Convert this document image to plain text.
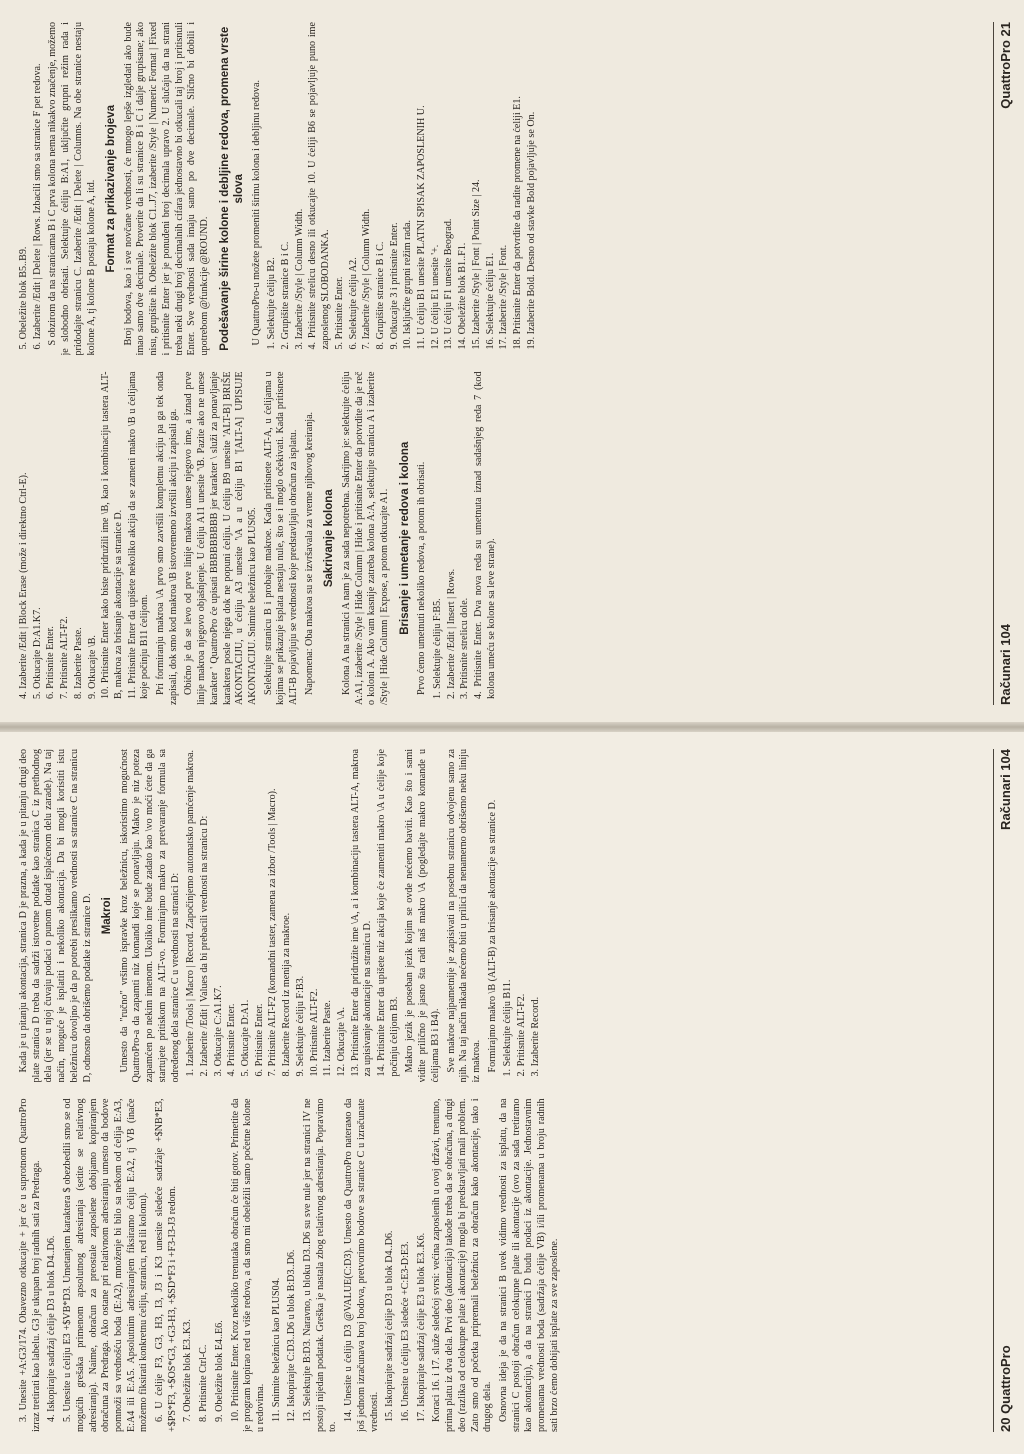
3. Unesite +A:G3/174. Obavezno otkucajte + jer će u suprotnom QuattroPro izraz tretirati kao labelu. G3 je ukupan broj radnih sati za Predraga. 4. Iskopirajte sadržaj ćelije D3 u blok D4..D6. 5. Unesite u ćeliju E3 +$VB*D3. Umetanjem karaktera $ obezbedili smo se od mogućih grešaka primenom apsolutnog adresiranja (setite se relativnog adresiranja). Naime, obračun za preostale zaposlene dobijamo kopiranjem obračuna za Predraga. Ako ostane pri relativnom adresiranju umesto da bodove pomnoži sa vrednošću boda (E:A2), množenje bi bilo sa nekom od ćelija E:A3, E:A4 ili E:A5. Apsolutnim adresiranjem fiksiramo ćeliju E:A2, tj VB (inače možemo fiksirati konkretnu ćeliju, stranicu, red ili kolonu). 6. U ćelije F3, G3, H3, I3, J3 i K3 unesite sledeće sadržaje +$NB*E3, +$PS*F3, +$OS*G3, +G3-H3, +$SD*F3 i +F3-I3-J3 redom. 7. Obeležite blok E3..K3. 8. Pritisnite Ctrl-C. 9. Obeležite blok E4..E6. 10. Pritisnite Enter. Kroz nekoliko trenutaka obračun će biti gotov. Primetite da je program kopirao red u više redova, a da smo mi obeležili samo početne kolone u redovima. 11. Snimite beležnicu kao PLUS04. 12. Iskopirajte C:D3..D6 u blok B:D3..D6. 13. Selektujte B:D3. Naravno, u bloku D3..D6 su sve nule jer na stranici IV ne postoji nijedan podatak. Greška je nastala zbog relativnog adresiranja. Popravimo to.

14. Unesite u ćeliju D3 @VALUE(C:D3). Umesto da QuattroPro naterамо da još jednom izračunava broj bodova, pretvorimo bodove sa stranice C u izračunate vrednosti. 15. Iskopirajte sadržaj ćelije D3 u blok D4..D6. 16. Unesite u ćeliju E3 sledeće +C:E3-D:E3. 17. Iskopirajte sadržaj ćelije E3 u blok E3..K6. Koraci 16. i 17. služe sledećoj svrsi: većina zaposlenih u ovoj državi, trenutno, prima platu iz dva dela. Prvi deo (akontacija) takođe treba da se obračuna, a drugi deo (razlika od celokupne plate i akontacije) mogla bi predstavljati mali problem. Zato smo od početka pripremali beležnicu za obračun kako akontacije, tako i drugog dela. Osnovna ideja je da na stranici B uvek vidimo vrednosti za isplatu, da na stranici C postoji obračun celokupne plate ili akontacije (ovo za sada tretiramo kao akontaciju), a da na stranici D budu podaci iz akontacije. Jednostavnim promenama vrednosti boda (sadržaja ćelije VB) i/ili promenama u broju radnih sati brzo ćemo dobijati isplate za sve zaposlene.

Kada je u pitanju akontacija, stranica D je prazna, a kada je u pitanju drugi deo plate stranica D treba da sadrži istovetne podatke kao stranica C iz prethodnog dela (jer se u njoj čuvaju podaci o punom dotad isplaćenom delu zarade). Na taj način, moguće je isplatiti i nekoliko akontacija. Da bi mogli koristiti istu beležnicu dovoljno je da po potrebi preslikamo vrednosti sa stranice C na stranicu D, odnosno da obrišemo podatke iz stranice D. Makroi Umesto da "ručno" vršimo ispravke kroz beležnicu, iskoristimo mogućnost QuattroPro-a da zapamti niz komandi koje se ponavljaju. Makro je niz poteza zapamćen po nekim imenom. Ukoliko ime bude zadato kao \vo moći ćete da ga startujete pritiskom na ALT-vo. Formirajmo makro za pretvaranje formula sa određenog dela stranice C u vrednosti na stranici D: 1. Izaberite /Tools | Macro | Record. Započinjemo automatsko pamćenje makroa. 2. Izaberite /Edit | Values da bi prebacili vrednosti na stranicu D: 3. Otkucajte C:A1.K7. 4. Pritisnite Enter. 5. Otkucajte D:A1. 6. Pritisnite Enter. 7. Pritisnite ALT-F2 (komandni taster, zamena za izbor /Tools | Macro). 8. Izaberite Record iz menija za makroe. 9. Selektujte ćeliju F:B3. 10. Pritisnite ALT-F2. 11. Izaberite Paste. 12. Otkucajte \A. 13. Pritisnite Enter da pridružite ime \A, a i kombinaciju tastera ALT-A, makroa za upisivanje akontacije na stranicu D. 14. Pritisnite Enter da upišete niz akcija koje će zameniti makro \A u ćelije koje počinju ćelijom B3. Makro jezik je poseban jezik kojim se ovde nećemo baviti. Kao što i sami vidite prilično je jasno šta radi naš makro \A (pogledajte makro komande u ćelijama B3 i B4). Sve makroe najpametnije je zapisivati na posebnu stranicu odvojenu samo za njih. Na taj način nikada nećemo biti u prilici da nenamerno obrišemo neku liniju iz makroa. Formirajmo makro \B (ALT-B) za brisanje akontacije sa stranice D. 1. Selektujte ćeliju B11. 2. Pritisnite ALT-F2. 3. Izaberite Record.
20 QuattroPro
Računari 104
4. Izaberite /Edit | Block Erase (može i direktno Ctrl-E). 5. Otkucajte D:A1.K7. 6. Pritisnite Enter. 7. Pritisnite ALT-F2. 8. Izaberite Paste. 9. Otkucajte \B. 10. Pritisnite Enter kako biste pridružili ime \B, kao i kombinaciju tastera ALT-B, makroa za brisanje akontacije sa stranice D. 11. Pritisnite Enter da upišete nekoliko akcija da se zameni makro \B u ćelijama koje počinju B11 ćelijom. Pri formiranju makroa \A prvo smo završili kompletnu akciju pa ga tek onda zapisali, dok smo kod makroa \B istovremeno izvršili akciju i zapisali ga. Obično je da se levo od prve linije makroa unese njegovo ime, a iznad prve linije makroa njegovo objašnjenje. U ćeliju A11 unesite '\B. Pazite ako ne unese karakter ' QuattroPro će upisati BBBBBBBBB jer karakter \ služi za ponavljanje karaktera posle njega dok ne popuni ćeliju. U ćeliju B9 unesite 'ALT-B] BRIŠE AKONTACIJU, u ćeliju A3 unesite '\A a u ćeliju B1 '[ALT-A] UPISUJE AKONTACIJU. Snimite beležnicu kao PLUS05. Selektujte stranicu B i probajte makroe. Kada pritisnete ALT-A, u ćelijama u kojima se prikazuje isplata nestaju nule, što se i moglo očekivati. Kada pritisnete ALT-B pojavljuju se vrednosti koje predstavljaju obračun za isplatu. Napomena: Oba makroa su se izvršavala za vreme njihovog kreiranja. Sakrivanje kolona Kolona A na stranici A nam je za sada nepotrebna. Sakrijmo je: selektujte ćeliju A:A1, izaberite /Style | Hide Column | Hide i pritisnite Enter da potvrdite da je reč o koloni A. Ako vam kasnije zatreba kolona A:A, selektujte stranicu A i izaberite /Style | Hide Column | Expose, a potom otkucajte A1. Brisanje i umetanje redova i kolona Prvo ćemo umetnuti nekoliko redova, a potom ih obrisati. 1. Selektujte ćeliju F:B5. 2. Izaberite /Edit | Insert | Rows. 3. Pritisnite strelicu dole. 4. Pritisnite Enter. Dva nova reda su umetnuta iznad sadašnjeg reda 7 (kod kolona umeću se kolone sa leve strane).
5. Obeležite blok B5..B9. 6. Izaberite /Edit | Delete | Rows. Izbacili smo sa stranice F pet redova. S obzirom da na stranicama B i C prva kolona nema nikakvo značenje, možemo je slobodno obrisati. Selektujte ćeliju B:A1, uključite grupni režim rada i pridodajte stranicu C. Izaberite /Edit | Delete | Columns. Na obe stranice nestaju kolone A, tj kolone B postaju kolone A, itd. Format za prikazivanje brojeva Broj bodova, kao i sve novčane vrednosti, će mnogo lepše izgledati ako bude imao samo dve decimale. Proverite da li su stranice B i C i dalje grupisane; ako nisu, grupišite ih. Obeležite blok C1..J7, izaberite /Style | Numeric Format | Fixed i pritisnite Enter jer je ponuđeni broj decimala upravo 2. U slučaju da na strani treba neki drugi broj decimalnih cifara jednostavno bi otkucali taj broj i pritisnuli Enter. Sve vrednosti sada imaju samo po dve decimale. Slično bi dobili i upotrebom @funkcije @ROUND. Podešavanje širine kolone i debljine redova, promena vrste slova U QuattroPro-u možete promeniti širinu kolona i debljinu redova. 1. Selektujte ćeliju B2. 2. Grupišite stranice B i C. 3. Izaberite /Style | Column Width. 4. Pritisnite strelicu desno ili otkucajte 10. U ćeliji B6 se pojavljuje puno ime zaposlenog SLOBODANKA. 5. Pritisnite Enter. 6. Selektujte ćeliju A2. 7. Izaberite /Style | Column Width. 8. Grupišite stranice B i C. 9. Otkucajte 3 i pritisnite Enter. 10. Isključite grupni režim rada. 11. U ćeliju B1 unesite PLATNI SPISAK ZAPOSLENIH U. 12. U ćeliju E1 unesite '+. 13. U ćeliju F1 unesite Beograd. 14. Obeležite blok B1..F1. 15. Izaberite /Style | Font | Point Size | 24. 16. Selektujte ćeliju E1. 17. Izaberite /Style | Font. 18. Pritisnite Enter da potvrdite da radite promene na ćeliji E1. 19. Izaberite Bold. Desno od stavke Bold pojavljuje se On.
Računari 104
QuattroPro 21
